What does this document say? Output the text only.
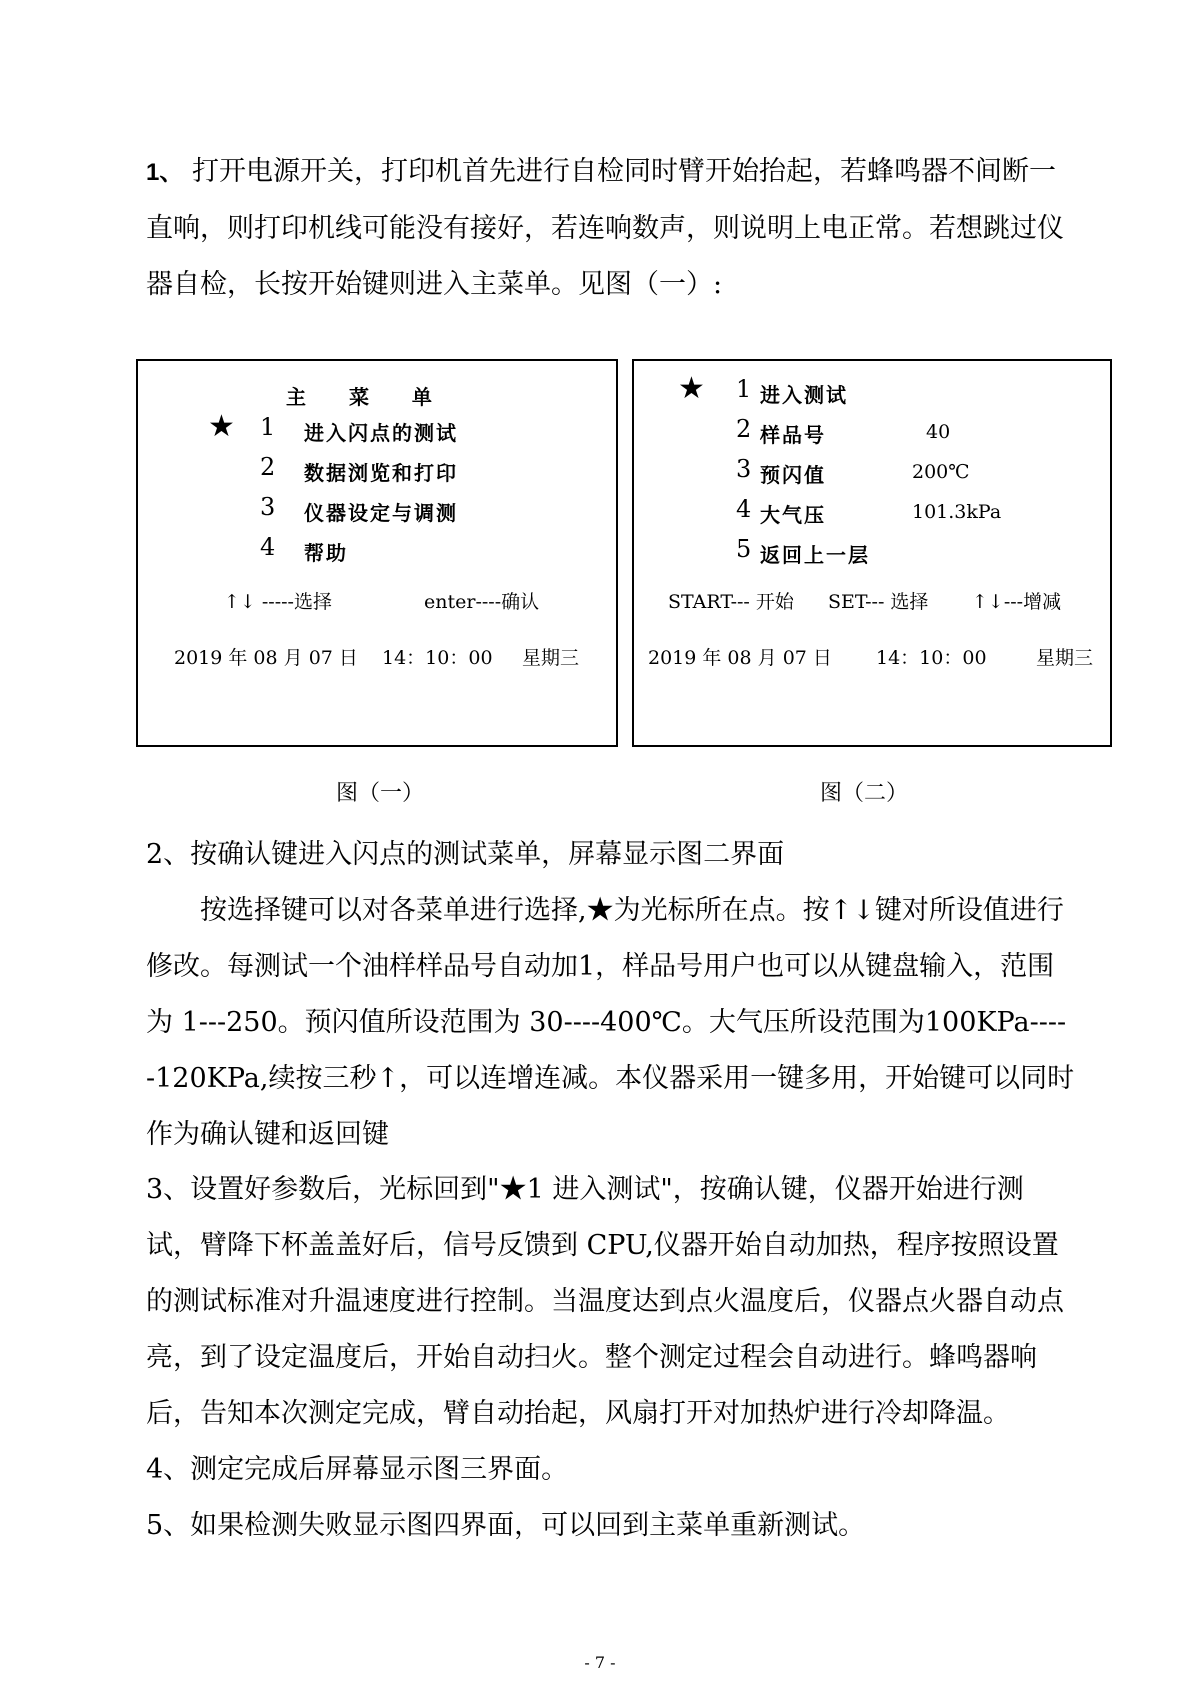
1、 打开电源开关，打印机首先进行自检同时臂开始抬起，若蜂鸣器不间断一直响，则打印机线可能没有接好，若连响数声，则说明上电正常。若想跳过仪器自检，长按开始键则进入主菜单。见图（一）:

主 菜 单
★ 1 进入闪点的测试
2 数据浏览和打印
3 仪器设定与调测
4 帮助
↑↓ -----选择	enter----确认
2019 年 08 月 07 日 14：10：00 星期三
★ 1 进入测试
2 样品号	40
3 预闪值	200℃
4 大气压	101.3kPa
5 返回上一层
START--- 开始 SET--- 选择 ↑↓---增减
2019 年 08 月 07 日 14：10：00	星期三
图（一）	图（二）

2、按确认键进入闪点的测试菜单，屏幕显示图二界面

按选择键可以对各菜单进行选择,★为光标所在点。按↑↓键对所设值进行修改。每测试一个油样样品号自动加1，样品号用户也可以从键盘输入，范围为 1---250。预闪值所设范围为 30----400℃。大气压所设范围为100KPa-----120KPa,续按三秒↑，可以连增连减。本仪器采用一键多用，开始键可以同时作为确认键和返回键

3、设置好参数后，光标回到"★1 进入测试"，按确认键，仪器开始进行测试，臂降下杯盖盖好后，信号反馈到 CPU,仪器开始自动加热，程序按照设置的测试标准对升温速度进行控制。当温度达到点火温度后，仪器点火器自动点亮，到了设定温度后，开始自动扫火。整个测定过程会自动进行。蜂鸣器响后，告知本次测定完成，臂自动抬起，风扇打开对加热炉进行冷却降温。

4、测定完成后屏幕显示图三界面。

5、如果检测失败显示图四界面，可以回到主菜单重新测试。

- 7 -
